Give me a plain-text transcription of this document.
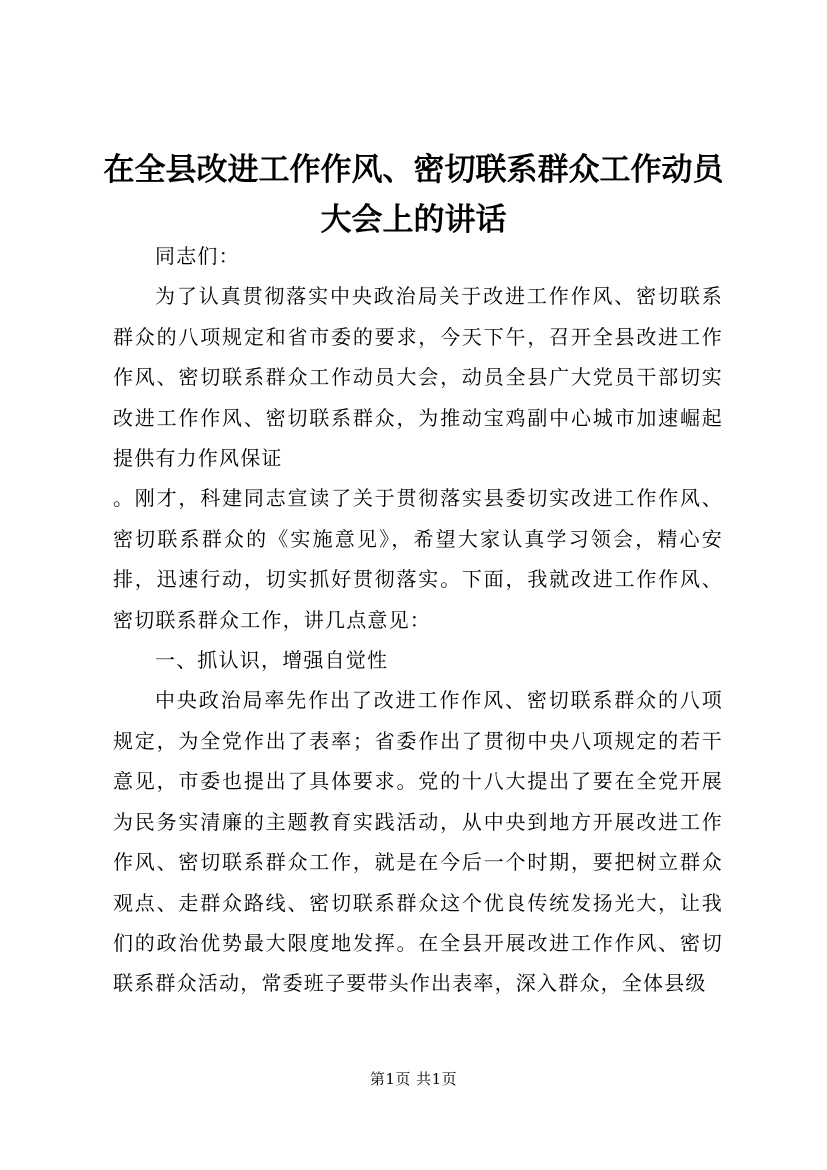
在全县改进工作作风、密切联系群众工作动员大会上的讲话

同志们：

为了认真贯彻落实中央政治局关于改进工作作风、密切联系群众的八项规定和省市委的要求，今天下午，召开全县改进工作作风、密切联系群众工作动员大会，动员全县广大党员干部切实改进工作作风、密切联系群众，为推动宝鸡副中心城市加速崛起提供有力作风保证

。刚才，科建同志宣读了关于贯彻落实县委切实改进工作作风、密切联系群众的《实施意见》，希望大家认真学习领会，精心安排，迅速行动，切实抓好贯彻落实。下面，我就改进工作作风、密切联系群众工作，讲几点意见：

一、抓认识，增强自觉性

中央政治局率先作出了改进工作作风、密切联系群众的八项规定，为全党作出了表率；省委作出了贯彻中央八项规定的若干意见，市委也提出了具体要求。党的十八大提出了要在全党开展为民务实清廉的主题教育实践活动，从中央到地方开展改进工作作风、密切联系群众工作，就是在今后一个时期，要把树立群众观点、走群众路线、密切联系群众这个优良传统发扬光大，让我们的政治优势最大限度地发挥。在全县开展改进工作作风、密切联系群众活动，常委班子要带头作出表率，深入群众，全体县级

第1页 共1页
